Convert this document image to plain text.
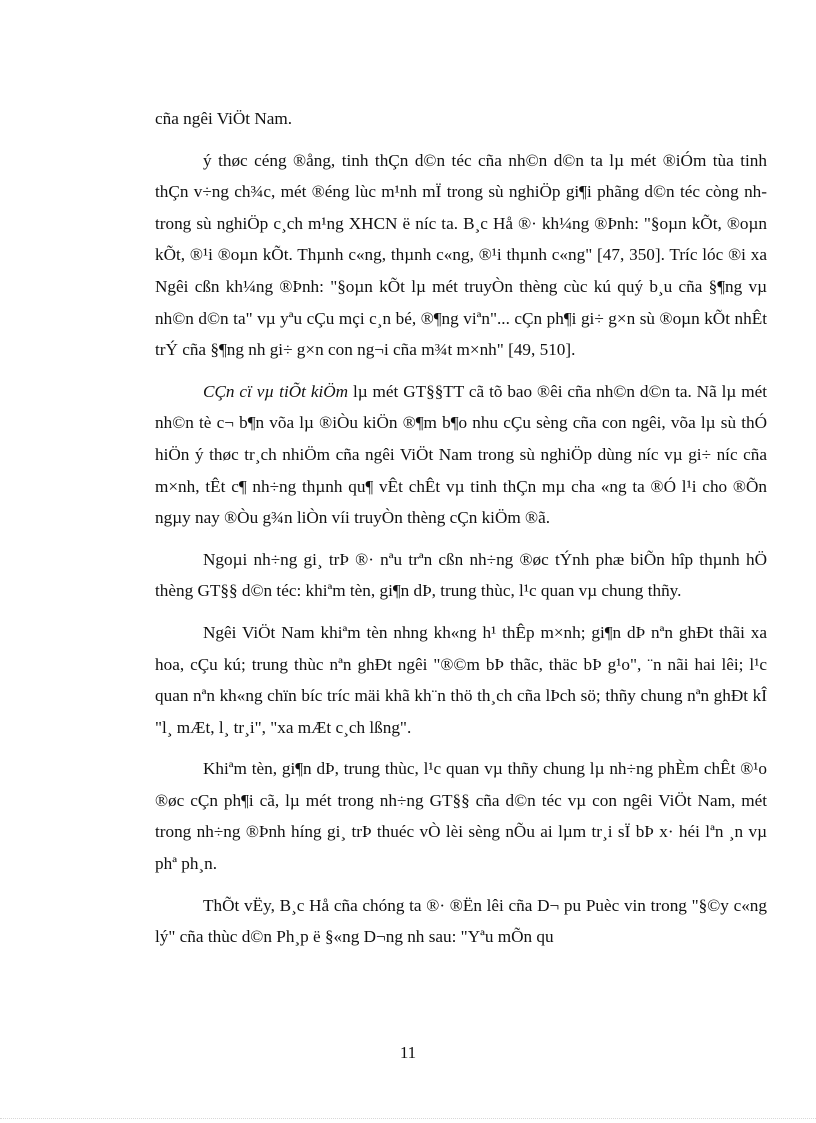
cña ngêi ViÖt Nam.

ý thøc céng ®ång, tinh thÇn d©n téc cña nh©n d©n ta lµ mét ®iÓm tùa tinh thÇn v÷ng ch¾c, mét ®éng lùc m¹nh mÏ trong sù nghiÖp gi¶i phãng d©n téc còng nh trong sù nghiÖp c¸ch m¹ng XHCN ë níc ta. B¸c Hå ®· kh¼ng ®Þnh: "§oµn kÕt, ®oµn kÕt, ®¹i ®oµn kÕt. Thµnh c«ng, thµnh c«ng, ®¹i thµnh c«ng" [47, 350]. Tríc lóc ®i xa Ngêi cßn kh¼ng ®Þnh: "§oµn kÕt lµ mét truyÒn thèng cùc kú quý b¸u cña §¶ng vµ nh©n d©n ta" vµ yªu cÇu mçi c¸n bé, ®¶ng viªn"... cÇn ph¶i gi÷ g×n sù ®oµn kÕt nhÊt trÝ cña §¶ng nh gi÷ g×n con ng¬i cña m¾t m×nh" [49, 510].

CÇn cï vµ tiÕt kiÖm lµ mét GT§§TT cã tõ bao ®êi cña nh©n d©n ta. Nã lµ mét nh©n tè c¬ b¶n võa lµ ®iÒu kiÖn ®¶m b¶o nhu cÇu sèng cña con ngêi, võa lµ sù thÓ hiÖn ý thøc tr¸ch nhiÖm cña ngêi ViÖt Nam trong sù nghiÖp dùng níc vµ gi÷ níc cña m×nh, tÊt c¶ nh÷ng thµnh qu¶ vÊt chÊt vµ tinh thÇn mµ cha «ng ta ®Ó l¹i cho ®Õn ngµy nay ®Òu g¾n liÒn víi truyÒn thèng cÇn kiÖm ®ã.

Ngoµi nh÷ng gi¸ trÞ ®· nªu trªn cßn nh÷ng ®øc tÝnh phæ biÕn hîp thµnh hÖ thèng GT§§ d©n téc: khiªm tèn, gi¶n dÞ, trung thùc, l¹c quan vµ chung thñy.

Ngêi ViÖt Nam khiªm tèn nhng kh«ng h¹ thÊp m×nh; gi¶n dÞ nªn ghÐt thãi xa hoa, cÇu kú; trung thùc nªn ghÐt ngêi "®©m bÞ thãc, thäc bÞ g¹o", ¨n nãi hai lêi; l¹c quan nªn kh«ng chïn bíc tríc mäi khã kh¨n thö th¸ch cña lÞch sö; thñy chung nªn ghÐt kÎ "l¸ mÆt, l¸ tr¸i", "xa mÆt c¸ch lßng".

Khiªm tèn, gi¶n dÞ, trung thùc, l¹c quan vµ thñy chung lµ nh÷ng phÈm chÊt ®¹o ®øc cÇn ph¶i cã, lµ mét trong nh÷ng GT§§ cña d©n téc vµ con ngêi ViÖt Nam, mét trong nh÷ng ®Þnh híng gi¸ trÞ thuéc vÒ lèi sèng nÕu ai lµm tr¸i sÏ bÞ x· héi lªn ¸n vµ phª ph¸n.

ThÕt vËy, B¸c Hå cña chóng ta ®· ®Ën lêi cña D¬ pu Puèc vin trong "§©y c«ng lý" cña thùc d©n Ph¸p ë §«ng D¬ng nh sau: "Yªu mÕn qu

11
